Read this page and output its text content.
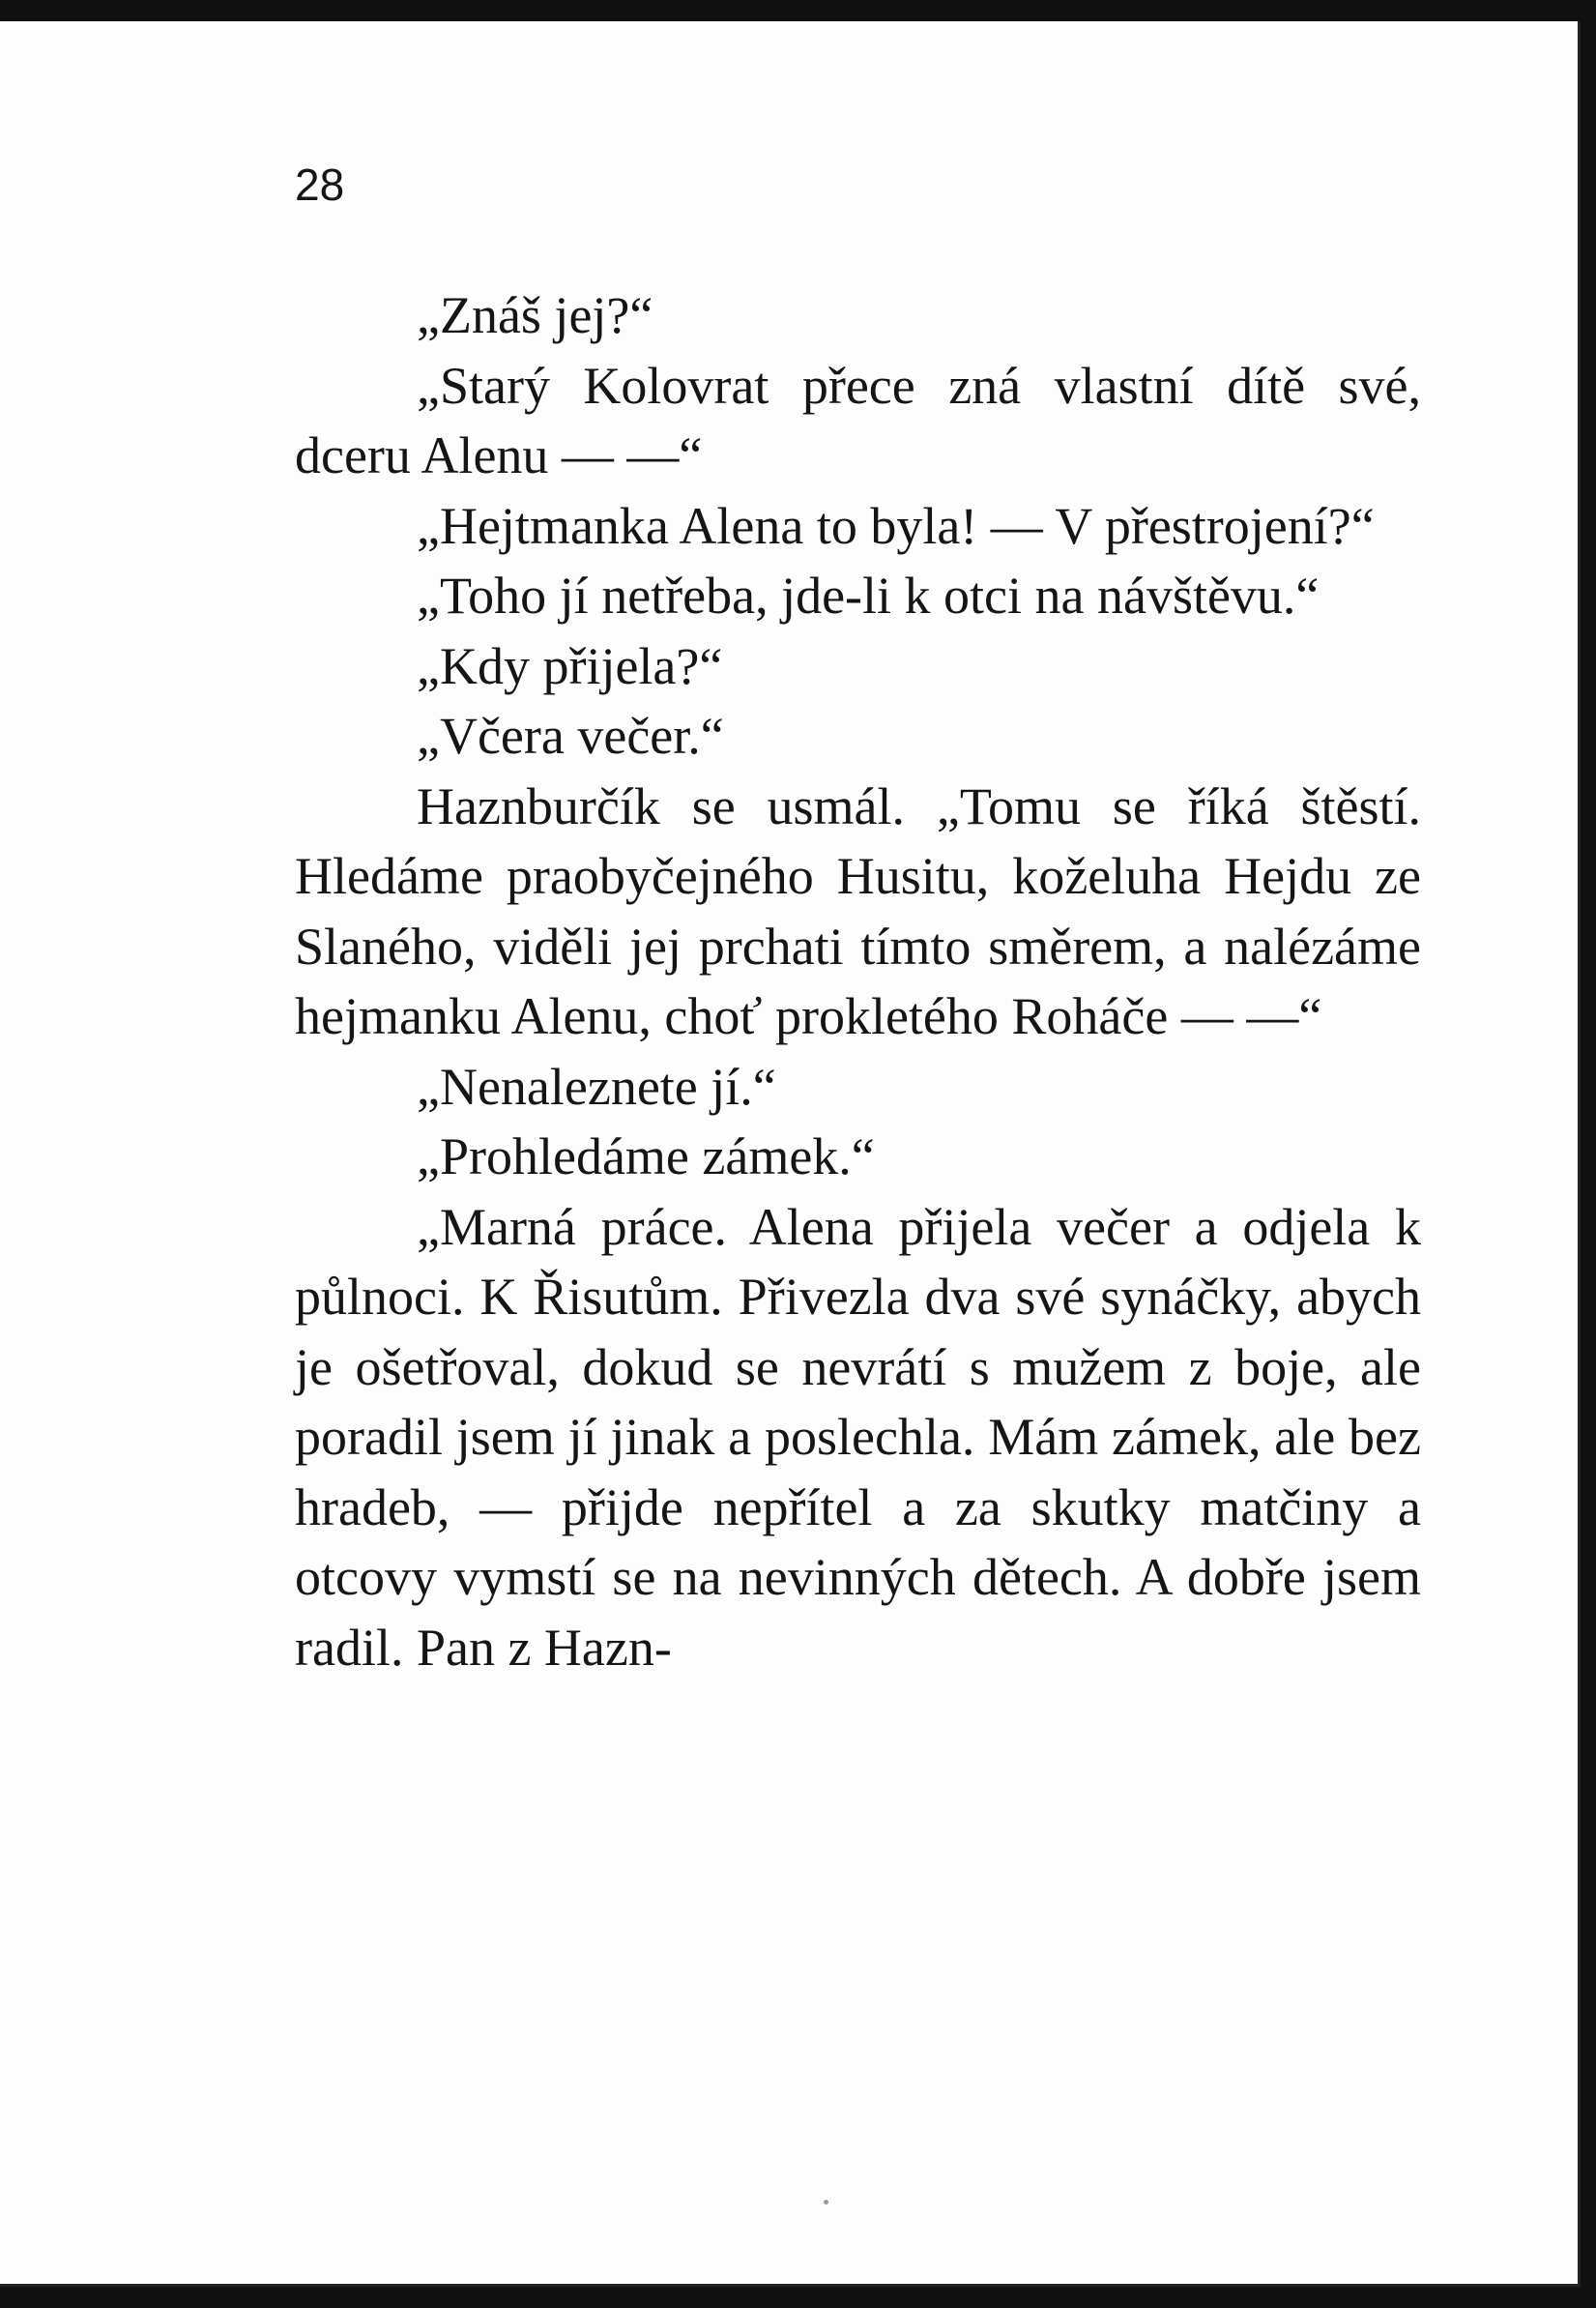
28

„Znáš jej?“

„Starý Kolovrat přece zná vlastní dítě své, dceru Alenu — —“

„Hejtmanka Alena to byla! — V přestrojení?“

„Toho jí netřeba, jde-li k otci na návštěvu.“

„Kdy přijela?“

„Včera večer.“

Haznburčík se usmál. „Tomu se říká štěstí. Hledáme praobyčejného Husitu, koželuha Hejdu ze Slaného, viděli jej prchati tímto směrem, a nalézáme hejmanku Alenu, choť prokletého Roháče — —“

„Nenaleznete jí.“

„Prohledáme zámek.“

„Marná práce. Alena přijela večer a odjela k půlnoci. K Řisutům. Přivezla dva své synáčky, abych je ošetřoval, dokud se nevrátí s mužem z boje, ale poradil jsem jí jinak a poslechla. Mám zámek, ale bez hradeb, — přijde nepřítel a za skutky matčiny a otcovy vymstí se na nevinných dětech. A dobře jsem radil. Pan z Hazn-
